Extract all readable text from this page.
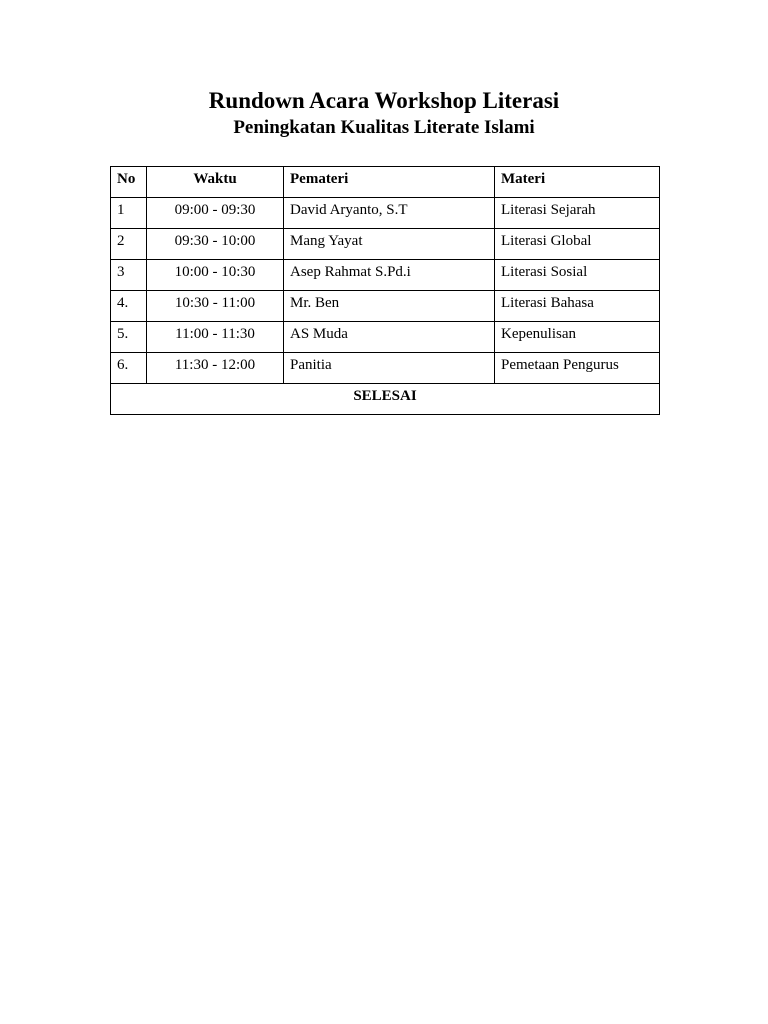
Rundown Acara Workshop Literasi
Peningkatan Kualitas Literate Islami
No	Waktu	Pemateri	Materi
1	09:00 - 09:30	David Aryanto, S.T	Literasi Sejarah
2	09:30 - 10:00	Mang Yayat	Literasi Global
3	10:00 - 10:30	Asep Rahmat S.Pd.i	Literasi Sosial
4.	10:30 - 11:00	Mr. Ben	Literasi Bahasa
5.	11:00 - 11:30	AS Muda	Kepenulisan
6.	11:30 - 12:00	Panitia	Pemetaan Pengurus
SELESAI			
